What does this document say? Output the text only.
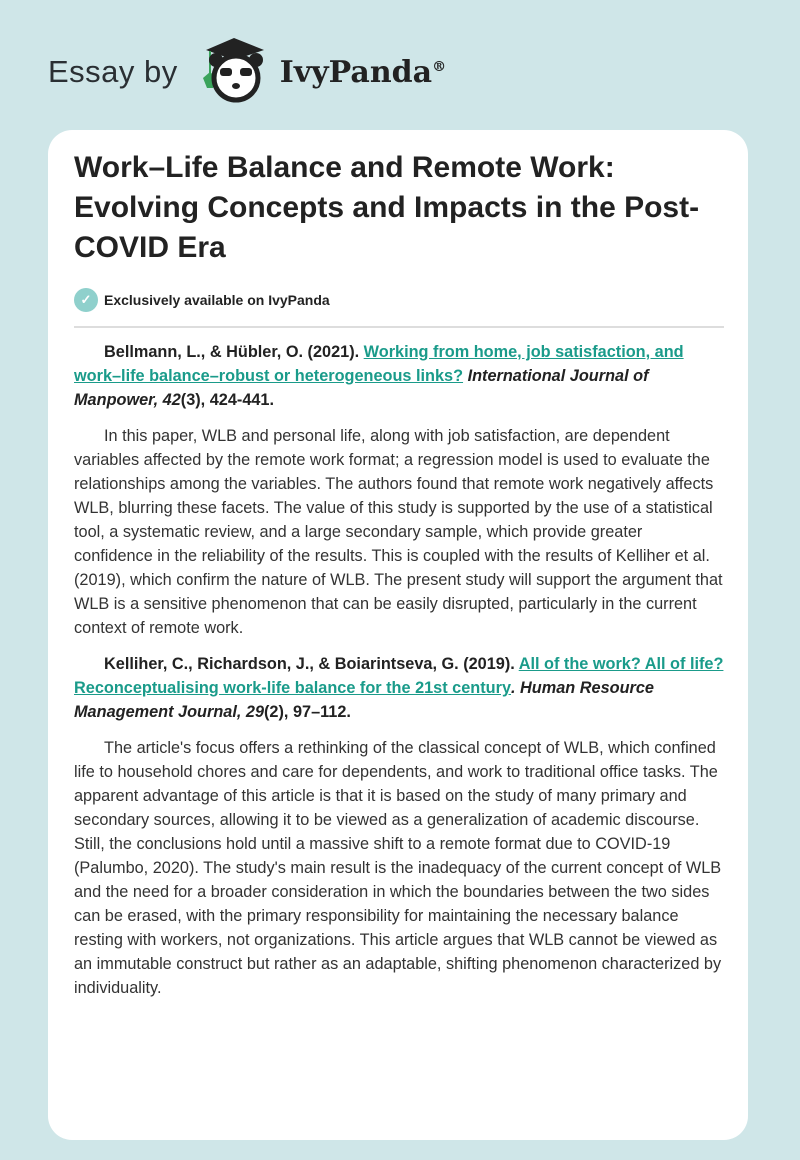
Essay by	IvyPanda®
Work–Life Balance and Remote Work: Evolving Concepts and Impacts in the Post-COVID Era
✓ Exclusively available on IvyPanda

Bellmann, L., & Hübler, O. (2021). Working from home, job satisfaction, and work–life balance–robust or heterogeneous links? International Journal of Manpower, 42(3), 424-441.

In this paper, WLB and personal life, along with job satisfaction, are dependent variables affected by the remote work format; a regression model is used to evaluate the relationships among the variables. The authors found that remote work negatively affects WLB, blurring these facets. The value of this study is supported by the use of a statistical tool, a systematic review, and a large secondary sample, which provide greater confidence in the reliability of the results. This is coupled with the results of Kelliher et al. (2019), which confirm the nature of WLB. The present study will support the argument that WLB is a sensitive phenomenon that can be easily disrupted, particularly in the current context of remote work.

Kelliher, C., Richardson, J., & Boiarintseva, G. (2019). All of the work? All of life? Reconceptualising work-life balance for the 21st century. Human Resource Management Journal, 29(2), 97–112.

The article's focus offers a rethinking of the classical concept of WLB, which confined life to household chores and care for dependents, and work to traditional office tasks. The apparent advantage of this article is that it is based on the study of many primary and secondary sources, allowing it to be viewed as a generalization of academic discourse. Still, the conclusions hold until a massive shift to a remote format due to COVID-19 (Palumbo, 2020). The study's main result is the inadequacy of the current concept of WLB and the need for a broader consideration in which the boundaries between the two sides can be erased, with the primary responsibility for maintaining the necessary balance resting with workers, not organizations. This article argues that WLB cannot be viewed as an immutable construct but rather as an adaptable, shifting phenomenon characterized by individuality.
